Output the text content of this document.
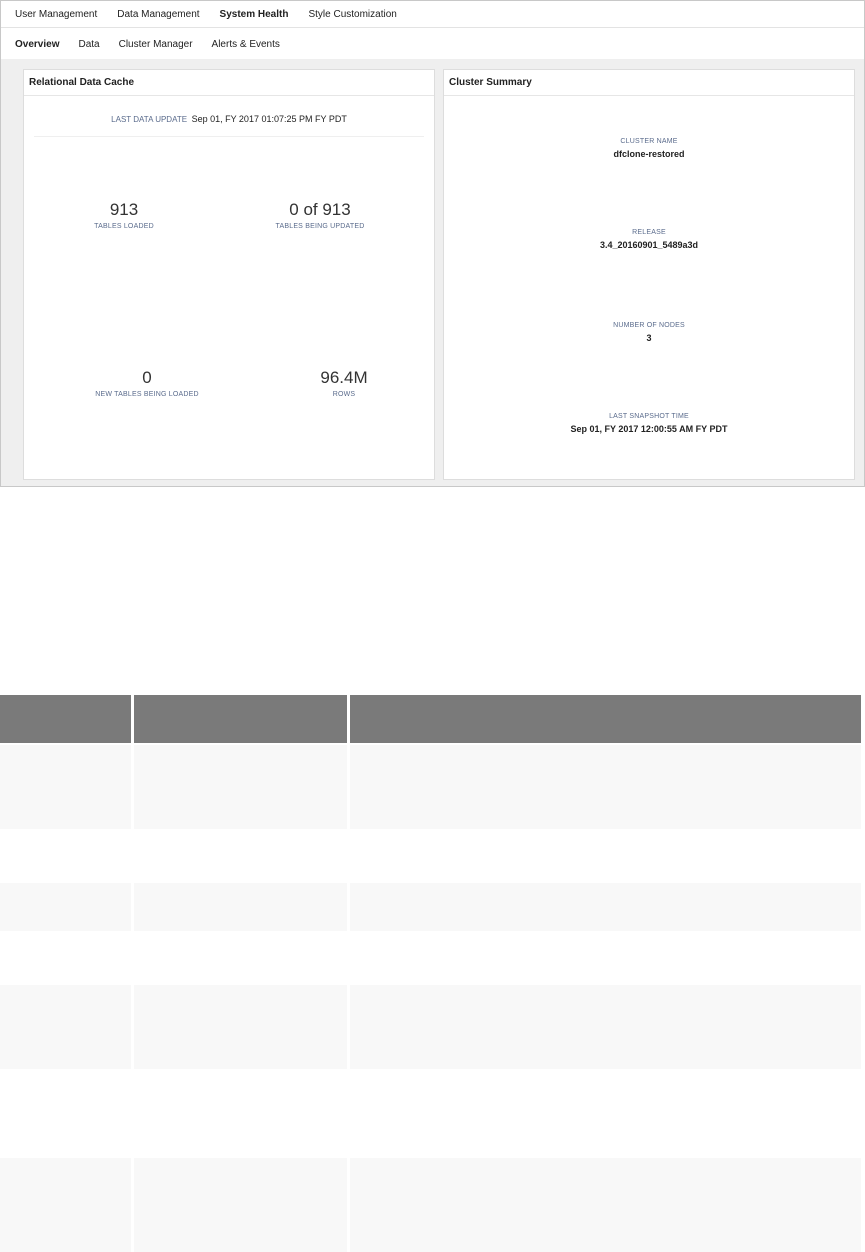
User Management Data Management System Health Style Customization
Overview Data Cluster Manager Alerts & Events
Relational Data Cache
LAST DATA UPDATE Sep 01, FY 2017 01:07:25 PM FY PDT
913
TABLES LOADED
0 of 913
TABLES BEING UPDATED
0
NEW TABLES BEING LOADED
96.4M
ROWS
Cluster Summary
CLUSTER NAME
dfclone-restored
RELEASE
3.4_20160901_5489a3d
NUMBER OF NODES
3
LAST SNAPSHOT TIME
Sep 01, FY 2017 12:00:55 AM FY PDT
